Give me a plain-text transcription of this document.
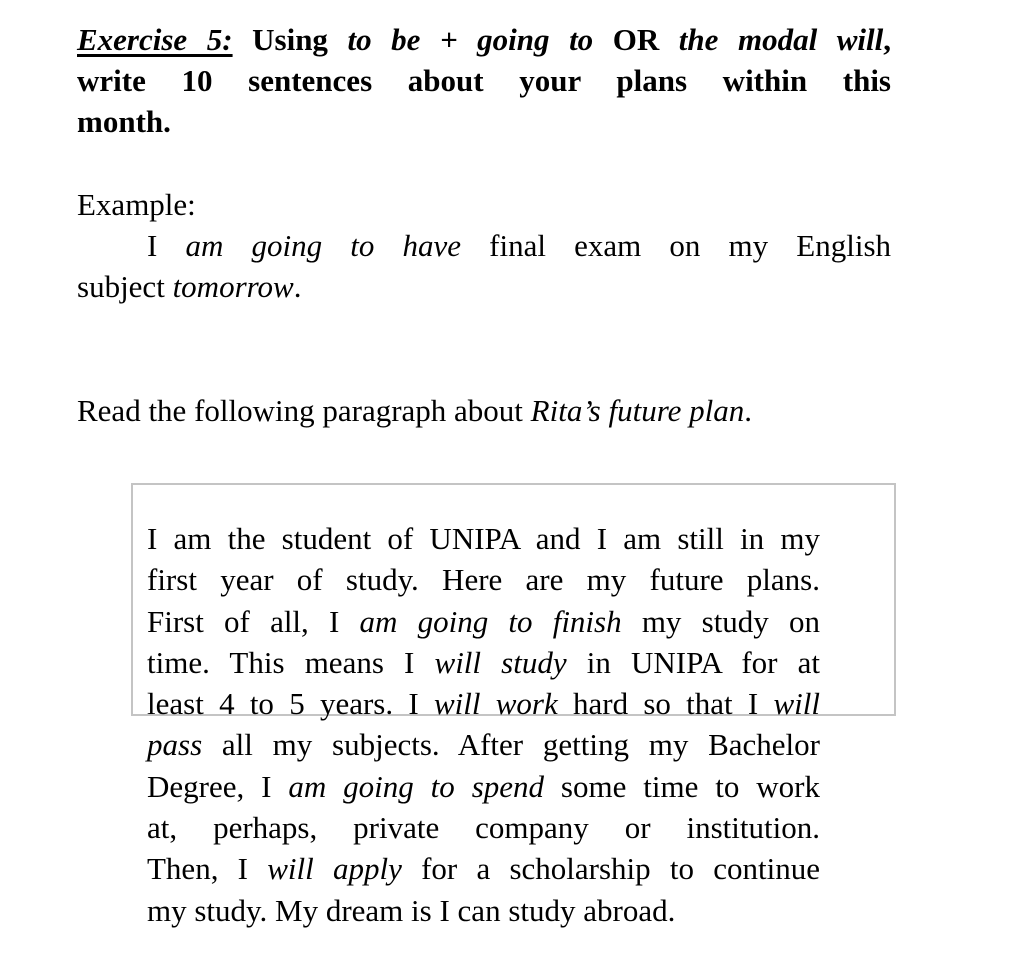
Exercise 5: Using to be + going to OR the modal will,
write 10 sentences about your plans within this
month.
Example:
I am going to have final exam on my English
subject tomorrow.
Read the following paragraph about Rita’s future plan.
I am the student of UNIPA and I am still in my
first year of study. Here are my future plans.
First of all, I am going to finish my study on
time. This means I will study in UNIPA for at
least 4 to 5 years. I will work hard so that I will
pass all my subjects. After getting my Bachelor
Degree, I am going to spend some time to work
at, perhaps, private company or institution.
Then, I will apply for a scholarship to continue
my study. My dream is I can study abroad.
